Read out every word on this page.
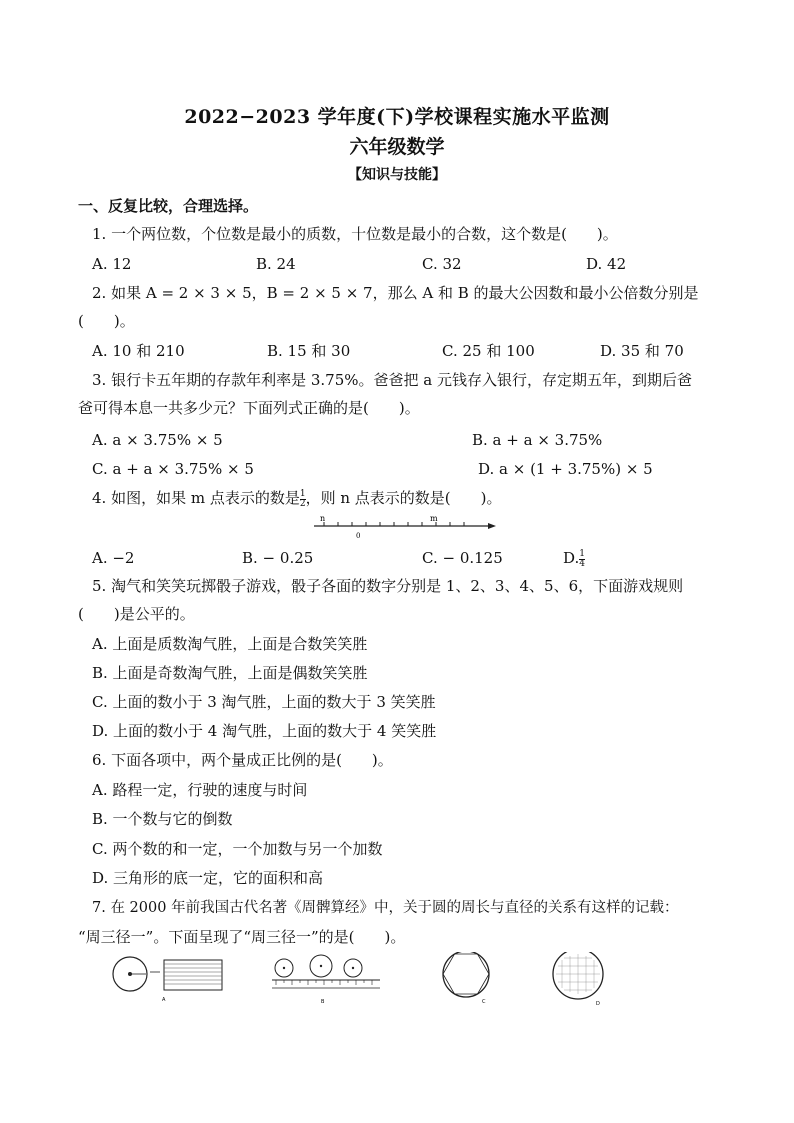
2022−2023 学年度(下)学校课程实施水平监测
六年级数学
【知识与技能】
一、反复比较，合理选择。
1. 一个两位数，个位数是最小的质数，十位数是最小的合数，这个数是(　　)。
A. 12	B. 24	C. 32	D. 42
2. 如果 A = 2 × 3 × 5，B = 2 × 5 × 7，那么 A 和 B 的最大公因数和最小公倍数分别是
(　　)。
A. 10 和 210	B. 15 和 30	C. 25 和 100	D. 35 和 70
3. 银行卡五年期的存款年利率是 3.75%。爸爸把 a 元钱存入银行，存定期五年，到期后爸
爸可得本息一共多少元？下面列式正确的是(　　)。
A. a × 3.75% × 5	B. a + a × 3.75%
C. a + a × 3.75% × 5	D. a × (1 + 3.75%) × 5
4. 如图，如果 m 点表示的数是 $\frac{1}{2}$ ，则 n 点表示的数是(　　)。
n	m
0
A. −2	B. − 0.25	C. − 0.125	D. $\frac{1}{4}$
5. 淘气和笑笑玩掷骰子游戏，骰子各面的数字分别是 1、2、3、4、5、6，下面游戏规则
(　　)是公平的。
A. 上面是质数淘气胜，上面是合数笑笑胜
B. 上面是奇数淘气胜，上面是偶数笑笑胜
C. 上面的数小于 3 淘气胜，上面的数大于 3 笑笑胜
D. 上面的数小于 4 淘气胜，上面的数大于 4 笑笑胜
6. 下面各项中，两个量成正比例的是(　　)。
A. 路程一定，行驶的速度与时间
B. 一个数与它的倒数
C. 两个数的和一定，一个加数与另一个加数
D. 三角形的底一定，它的面积和高
7. 在 2000 年前我国古代名著《周髀算经》中，关于圆的周长与直径的关系有这样的记载：
“周三径一”。下面呈现了“周三径一”的是(　　)。
A	B	C	D
